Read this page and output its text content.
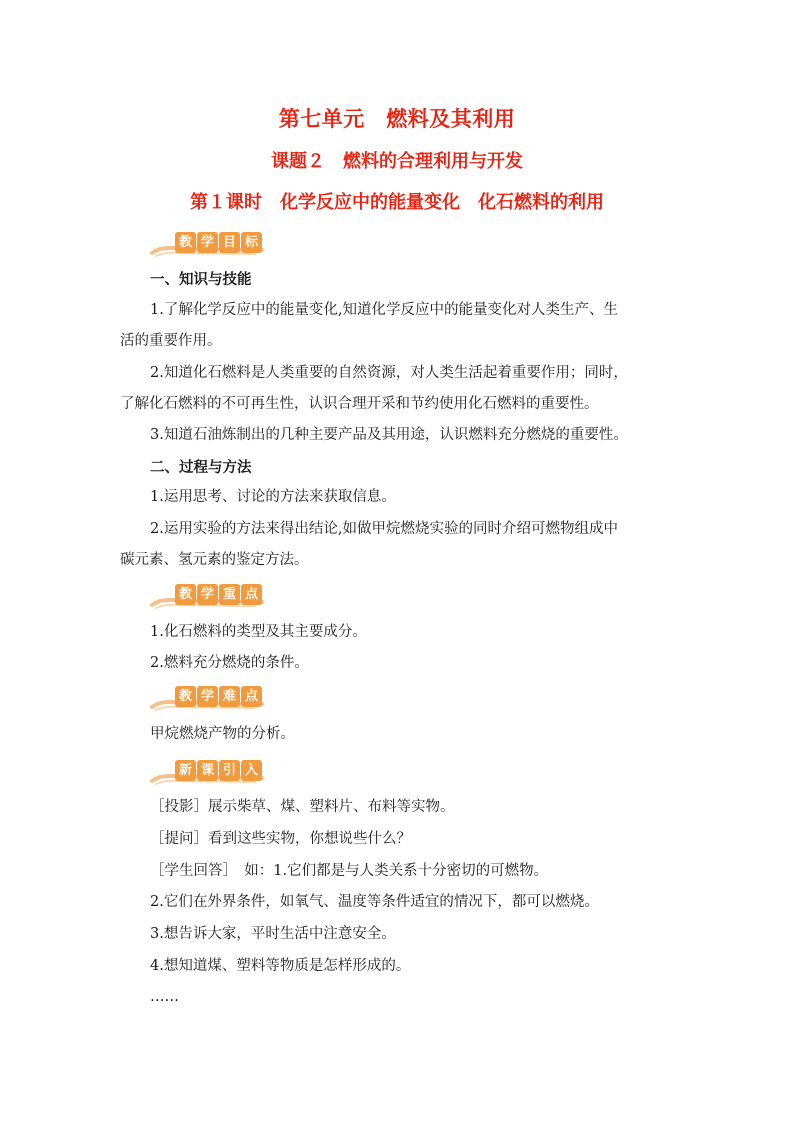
第七单元　燃料及其利用
课题２　燃料的合理利用与开发
第１课时　化学反应中的能量变化　化石燃料的利用
教 学 目 标
一、知识与技能
1.了解化学反应中的能量变化,知道化学反应中的能量变化对人类生产、生
活的重要作用。
2.知道化石燃料是人类重要的自然资源，对人类生活起着重要作用；同时，
了解化石燃料的不可再生性，认识合理开采和节约使用化石燃料的重要性。
3.知道石油炼制出的几种主要产品及其用途，认识燃料充分燃烧的重要性。
二、过程与方法
1.运用思考、讨论的方法来获取信息。
2.运用实验的方法来得出结论,如做甲烷燃烧实验的同时介绍可燃物组成中
碳元素、氢元素的鉴定方法。
教 学 重 点
1.化石燃料的类型及其主要成分。
2.燃料充分燃烧的条件。
教 学 难 点
甲烷燃烧产物的分析。
新 课 引 入
［投影］展示柴草、煤、塑料片、布料等实物。
［提问］看到这些实物，你想说些什么？
［学生回答］　如：1.它们都是与人类关系十分密切的可燃物。
2.它们在外界条件，如氧气、温度等条件适宜的情况下，都可以燃烧。
3.想告诉大家，平时生活中注意安全。
4.想知道煤、塑料等物质是怎样形成的。
……
